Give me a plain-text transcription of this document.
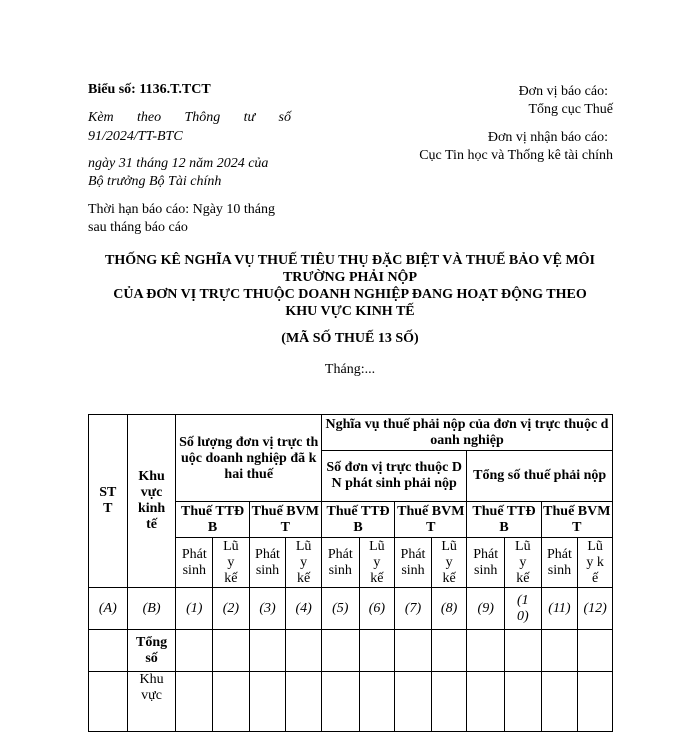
Biểu số: 1136.T.TCT
Kèm theo Thông tư số
91/2024/TT-BTC
ngày 31 tháng 12 năm 2024 của
Bộ trưởng Bộ Tài chính
Thời hạn báo cáo: Ngày 10 tháng
sau tháng báo cáo
Đơn vị báo cáo:
Tổng cục Thuế
Đơn vị nhận báo cáo:
Cục Tin học và Thống kê tài chính
THỐNG KÊ NGHĨA VỤ THUẾ TIÊU THỤ ĐẶC BIỆT VÀ THUẾ BẢO VỆ MÔI
TRƯỜNG PHẢI NỘP
CỦA ĐƠN VỊ TRỰC THUỘC DOANH NGHIỆP ĐANG HOẠT ĐỘNG THEO
KHU VỰC KINH TẾ
(MÃ SỐ THUẾ 13 SỐ)
Tháng:...
STT	Khu vực kinh tế	Số lượng đơn vị trực thuộc doanh nghiệp đã khai thuế				Nghĩa vụ thuế phải nộp của đơn vị trực thuộc doanh nghiệp							
						Số đơn vị trực thuộc DN phát sinh phải nộp				Tổng số thuế phải nộp			
		Thuế TTĐB		Thuế BVMT		Thuế TTĐB		Thuế BVMT		Thuế TTĐB		Thuế BVMT	

		Phát sinh	Lũy kế	Phát sinh	Lũy kế	Phát sinh	Lũy kế	Phát sinh	Lũy kế	Phát sinh	Lũy kế	Phát sinh	Lũy kế

(A)	(B)	(1)	(2)	(3)	(4)	(5)	(6)	(7)	(8)	(9)	(10)	(11)	(12)

	Tổng số												

	Khu vực												
